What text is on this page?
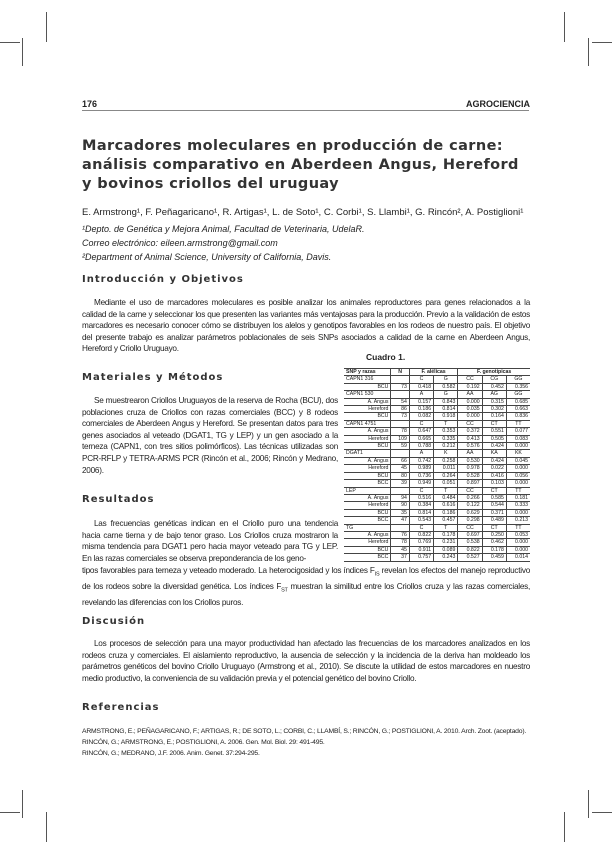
176	AGROCIENCIA
Marcadores moleculares en producción de carne: análisis comparativo en Aberdeen Angus, Hereford y bovinos criollos del uruguay
E. Armstrong¹, F. Peñagaricano¹, R. Artigas¹, L. de Soto¹, C. Corbi¹, S. Llambi¹, G. Rincón², A. Postiglioni¹
¹Depto. de Genética y Mejora Animal, Facultad de Veterinaria, UdelaR.
Correo electrónico: eileen.armstrong@gmail.com
²Department of Animal Science, University of California, Davis.
Introducción y Objetivos
Mediante el uso de marcadores moleculares es posible analizar los animales reproductores para genes relacionados a la calidad de la carne y seleccionar los que presenten las variantes más ventajosas para la producción. Previo a la validación de estos marcadores es necesario conocer cómo se distribuyen los alelos y genotipos favorables en los rodeos de nuestro país. El objetivo del presente trabajo es analizar parámetros poblacionales de seis SNPs asociados a calidad de la carne en Aberdeen Angus, Hereford y Criollo Uruguayo.
Cuadro 1.
SNP y razas	N	F. alélicas		F. genotípicas		
CAPN1 316		C	G	CC	CG	GG
BCU	73	0.418	0.582	0.192	0.452	0.356
CAPN1 530		A	G	AA	AG	GG
A. Angus	54	0.157	0.843	0.000	0.315	0.685
Hereford	86	0.186	0.814	0.035	0.302	0.663
BCU	73	0.082	0.918	0.000	0.164	0.836
CAPN1 4751		C	T	CC	CT	TT
A. Angus	78	0.647	0.353	0.372	0.551	0.077
Hereford	109	0.665	0.335	0.413	0.505	0.083
BCU	59	0.788	0.212	0.576	0.424	0.000
DGAT1		A	K	AA	KA	KK
A. Angus	66	0.742	0.258	0.530	0.424	0.045
Hereford	45	0.989	0.011	0.978	0.022	0.000
BCU	80	0.736	0.264	0.528	0.416	0.056
BCC	39	0.949	0.051	0.897	0.103	0.000
LEP		C	T	CC	CT	TT
A. Angus	94	0.516	0.484	0.266	0.585	0.181
Hereford	90	0.384	0.616	0.122	0.544	0.333
BCU	35	0.814	0.186	0.629	0.371	0.000
BCC	47	0.543	0.457	0.298	0.489	0.213
TG		C	T	CC	CT	TT
A. Angus	76	0.822	0.178	0.697	0.250	0.053
Hereford	78	0.769	0.231	0.538	0.462	0.000
BCU	45	0.911	0.089	0.822	0.178	0.000
BCC	37	0.757	0.243	0.527	0.459	0.014
Materiales y Métodos
Se muestrearon Criollos Uruguayos de la reserva de Rocha (BCU), dos poblaciones cruza de Criollos con razas comerciales (BCC) y 8 rodeos comerciales de Aberdeen Angus y Hereford. Se presentan datos para tres genes asociados al veteado (DGAT1, TG y LEP) y un gen asociado a la terneza (CAPN1, con tres sitios polimórficos). Las técnicas utilizadas son PCR-RFLP y TETRA-ARMS PCR (Rincón et al., 2006; Rincón y Medrano, 2006).
Resultados
Las frecuencias genéticas indican en el Criollo puro una tendencia hacia carne tierna y de bajo tenor graso. Los Criollos cruza mostraron la misma tendencia para DGAT1 pero hacia mayor veteado para TG y LEP. En las razas comerciales se observa preponderancia de los geno-
tipos favorables para terneza y veteado moderado. La heterocigosidad y los índices $F_{IS}$ revelan los efectos del manejo reproductivo de los rodeos sobre la diversidad genética. Los índices $F_{ST}$ muestran la similitud entre los Criollos cruza y las razas comerciales, revelando las diferencias con los Criollos puros.
Discusión
Los procesos de selección para una mayor productividad han afectado las frecuencias de los marcadores analizados en los rodeos cruza y comerciales. El aislamiento reproductivo, la ausencia de selección y la incidencia de la deriva han moldeado los parámetros genéticos del bovino Criollo Uruguayo (Armstrong et al., 2010). Se discute la utilidad de estos marcadores en nuestro medio productivo, la conveniencia de su validación previa y el potencial genético del bovino Criollo.
Referencias
ARMSTRONG, E.; PEÑAGARICANO, F.; ARTIGAS, R.; DE SOTO, L.; CORBI, C.; LLAMBÍ, S.; RINCÓN, G.; POSTIGLIONI, A. 2010. Arch. Zoot. (aceptado).
RINCÓN, G.; ARMSTRONG, E.; POSTIGLIONI, A. 2006. Gen. Mol. Biol. 29: 491-495.
RINCÓN, G.; MEDRANO, J.F. 2006. Anim. Genet. 37:294-295.
